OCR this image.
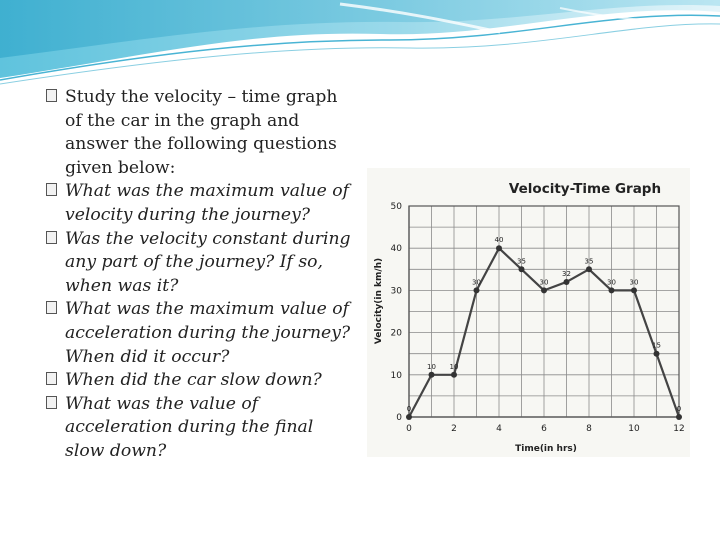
Study the velocity – time graph of the car in the graph and answer the following questions given below:
What was the maximum value of velocity during the journey?
Was the velocity constant during any part of the journey? If so, when was it?
What was the maximum value of acceleration during the journey? When did it occur?
When did the car slow down?
What was the value of acceleration during the final slow down?
Velocity-Time Graph
0
10
20
30
40
50
0	2	4	6	8	10	12
0
10 10
30
40
35
30
32
35
30 30
15
0
Velocity(in km/h)
Time(in hrs)
